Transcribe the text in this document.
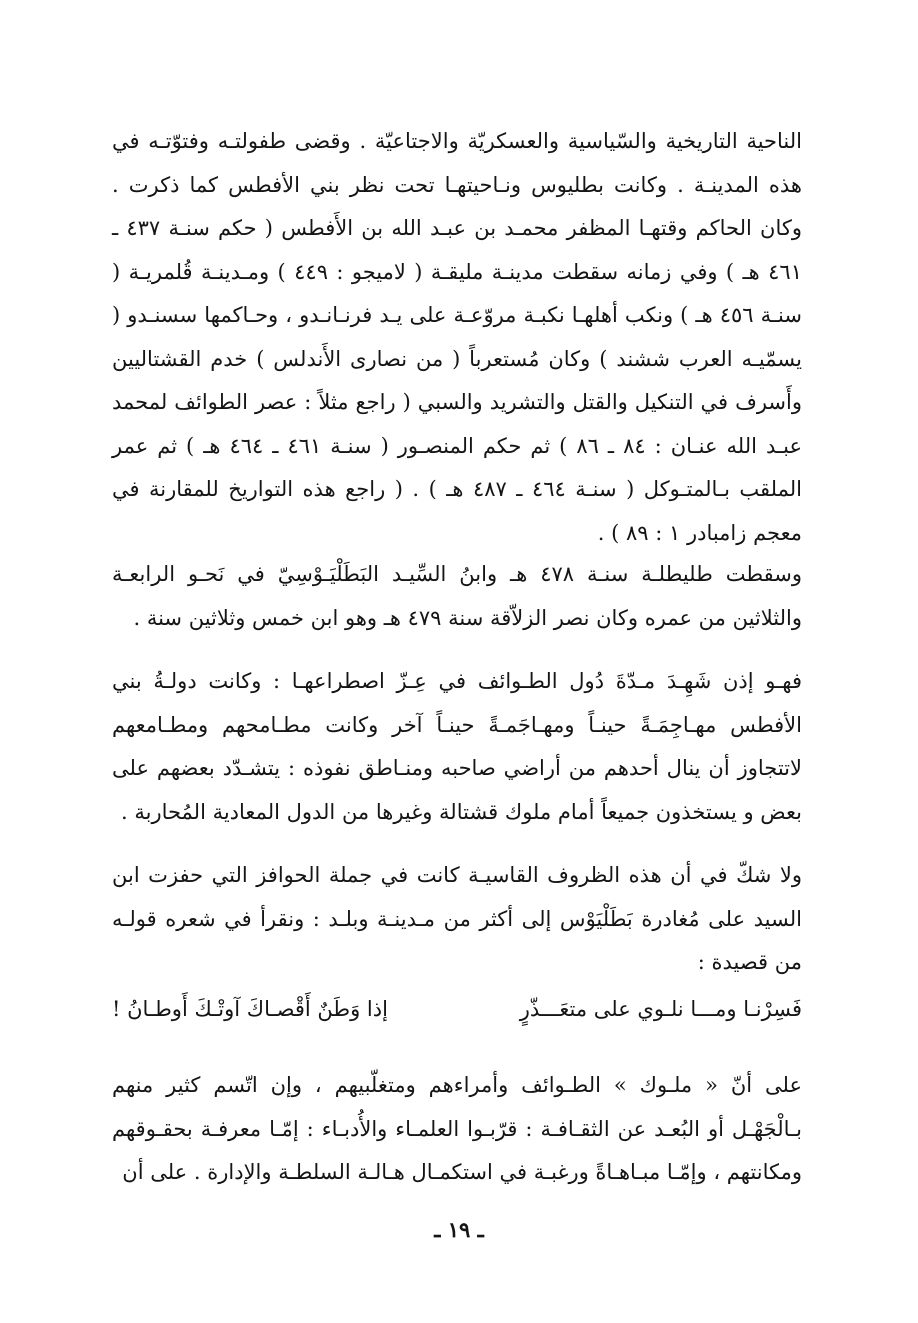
الناحية التاريخية والسّياسية والعسكريّة والاجتاعيّة . وقضى طفولتـه وفتوّتـه في هذه المدينـة . وكانت بطليوس ونـاحيتهـا تحت نظر بني الأفطس كما ذكرت . وكان الحاكم وقتهـا المظفر محمـد بن عبـد الله بن الأَفطس ( حكم سنـة ٤٣٧ ـ ٤٦١ هـ ) وفي زمانه سقطت مدينـة مليقـة ( لاميجو : ٤٤٩ ) ومـدينـة قُلمريـة ( سنـة ٤٥٦ هـ ) ونكب أهلهـا نكبـة مروّعـة على يـد فرنـانـدو ، وحـاكمها سسنـدو ( يسمّيـه العرب ششند ) وكان مُستعرباً ( من نصارى الأَندلس ) خدم القشتاليين وأَسرف في التنكيل والقتل والتشريد والسبي ( راجع مثلاً : عصر الطوائف لمحمد عبـد الله عنـان : ٨٤ ـ ٨٦ ) ثم حكم المنصـور ( سنـة ٤٦١ ـ ٤٦٤ هـ ) ثم عمر الملقب بـالمتـوكل ( سنـة ٤٦٤ ـ ٤٨٧ هـ ) . ( راجع هذه التواريخ للمقارنة في معجم زامبادر ١ : ٨٩ ) .

وسقطت طليطلـة سنـة ٤٧٨ هـ وابنُ السِّيـد البَطَلْيَـوْسِيّ في نَحـو الرابعـة والثلاثين من عمره وكان نصر الزلاّقة سنة ٤٧٩ هـ وهو ابن خمس وثلاثين سنة .

فهـو إذن شَهِـدَ مـدّةَ دُول الطـوائف في عِـزّ اصطراعهـا : وكانت دولـةُ بني الأفطس مهـاجِمَـةً حينـاً ومهـاجَمـةً حينـاً آخر وكانت مطـامحهم ومطـامعهم لاتتجاوز أن ينال أحدهم من أراضي صاحبه ومنـاطق نفوذه : يتشـدّد بعضهم على بعض و يستخذون جميعاً أمام ملوك قشتالة وغيرها من الدول المعادية المُحاربة .

ولا شكّ في أن هذه الظروف القاسيـة كانت في جملة الحوافز التي حفزت ابن السيد على مُغادرة بَطَلْيَوْس إلى أكثر من مـدينـة وبلـد : ونقرأ في شعره قولـه من قصيدة :

فَسِرْنـا ومـــا نلـوي على متعَـــذّرٍ
إذا وَطَنٌ أَقْصـاكَ آوتْـكَ أَوطـانُ !

على أنّ « ملـوك » الطـوائف وأمراءهم ومتغلّبيهم ، وإن اتّسم كثير منهم بـالْجَهْـل أو البُعـد عن الثقـافـة : قرّبـوا العلمـاء والأُدبـاء : إمّـا معرفـة بحقـوقهم ومكانتهم ، وإمّـا مبـاهـاةً ورغبـة في استكمـال هـالـة السلطـة والإدارة . على أن

ـ ١٩ ـ
